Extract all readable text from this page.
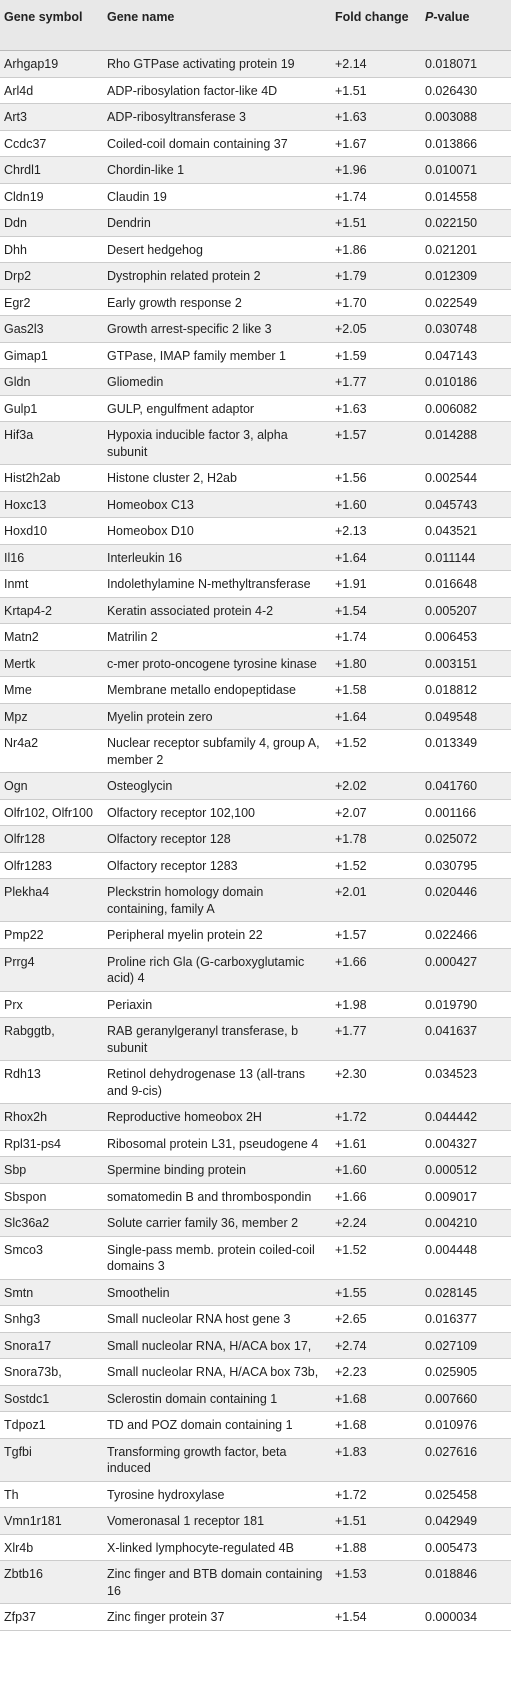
Gene symbol	Gene name	Fold change	P-value
Arhgap19	Rho GTPase activating protein 19	+2.14	0.018071
Arl4d	ADP-ribosylation factor-like 4D	+1.51	0.026430
Art3	ADP-ribosyltransferase 3	+1.63	0.003088
Ccdc37	Coiled-coil domain containing 37	+1.67	0.013866
Chrdl1	Chordin-like 1	+1.96	0.010071
Cldn19	Claudin 19	+1.74	0.014558
Ddn	Dendrin	+1.51	0.022150
Dhh	Desert hedgehog	+1.86	0.021201
Drp2	Dystrophin related protein 2	+1.79	0.012309
Egr2	Early growth response 2	+1.70	0.022549
Gas2l3	Growth arrest-specific 2 like 3	+2.05	0.030748
Gimap1	GTPase, IMAP family member 1	+1.59	0.047143
Gldn	Gliomedin	+1.77	0.010186
Gulp1	GULP, engulfment adaptor	+1.63	0.006082
Hif3a	Hypoxia inducible factor 3, alpha subunit	+1.57	0.014288
Hist2h2ab	Histone cluster 2, H2ab	+1.56	0.002544
Hoxc13	Homeobox C13	+1.60	0.045743
Hoxd10	Homeobox D10	+2.13	0.043521
Il16	Interleukin 16	+1.64	0.011144
Inmt	Indolethylamine N-methyltransferase	+1.91	0.016648
Krtap4-2	Keratin associated protein 4-2	+1.54	0.005207
Matn2	Matrilin 2	+1.74	0.006453
Mertk	c-mer proto-oncogene tyrosine kinase	+1.80	0.003151
Mme	Membrane metallo endopeptidase	+1.58	0.018812
Mpz	Myelin protein zero	+1.64	0.049548
Nr4a2	Nuclear receptor subfamily 4, group A, member 2	+1.52	0.013349
Ogn	Osteoglycin	+2.02	0.041760
Olfr102, Olfr100	Olfactory receptor 102,100	+2.07	0.001166
Olfr128	Olfactory receptor 128	+1.78	0.025072
Olfr1283	Olfactory receptor 1283	+1.52	0.030795
Plekha4	Pleckstrin homology domain containing, family A	+2.01	0.020446
Pmp22	Peripheral myelin protein 22	+1.57	0.022466
Prrg4	Proline rich Gla (G-carboxyglutamic acid) 4	+1.66	0.000427
Prx	Periaxin	+1.98	0.019790
Rabggtb,	RAB geranylgeranyl transferase, b subunit	+1.77	0.041637
Rdh13	Retinol dehydrogenase 13 (all-trans and 9-cis)	+2.30	0.034523
Rhox2h	Reproductive homeobox 2H	+1.72	0.044442
Rpl31-ps4	Ribosomal protein L31, pseudogene 4	+1.61	0.004327
Sbp	Spermine binding protein	+1.60	0.000512
Sbspon	somatomedin B and thrombospondin	+1.66	0.009017
Slc36a2	Solute carrier family 36, member 2	+2.24	0.004210
Smco3	Single-pass memb. protein coiled-coil domains 3	+1.52	0.004448
Smtn	Smoothelin	+1.55	0.028145
Snhg3	Small nucleolar RNA host gene 3	+2.65	0.016377
Snora17	Small nucleolar RNA, H/ACA box 17,	+2.74	0.027109
Snora73b,	Small nucleolar RNA, H/ACA box 73b,	+2.23	0.025905
Sostdc1	Sclerostin domain containing 1	+1.68	0.007660
Tdpoz1	TD and POZ domain containing 1	+1.68	0.010976
Tgfbi	Transforming growth factor, beta induced	+1.83	0.027616
Th	Tyrosine hydroxylase	+1.72	0.025458
Vmn1r181	Vomeronasal 1 receptor 181	+1.51	0.042949
Xlr4b	X-linked lymphocyte-regulated 4B	+1.88	0.005473
Zbtb16	Zinc finger and BTB domain containing 16	+1.53	0.018846
Zfp37	Zinc finger protein 37	+1.54	0.000034
